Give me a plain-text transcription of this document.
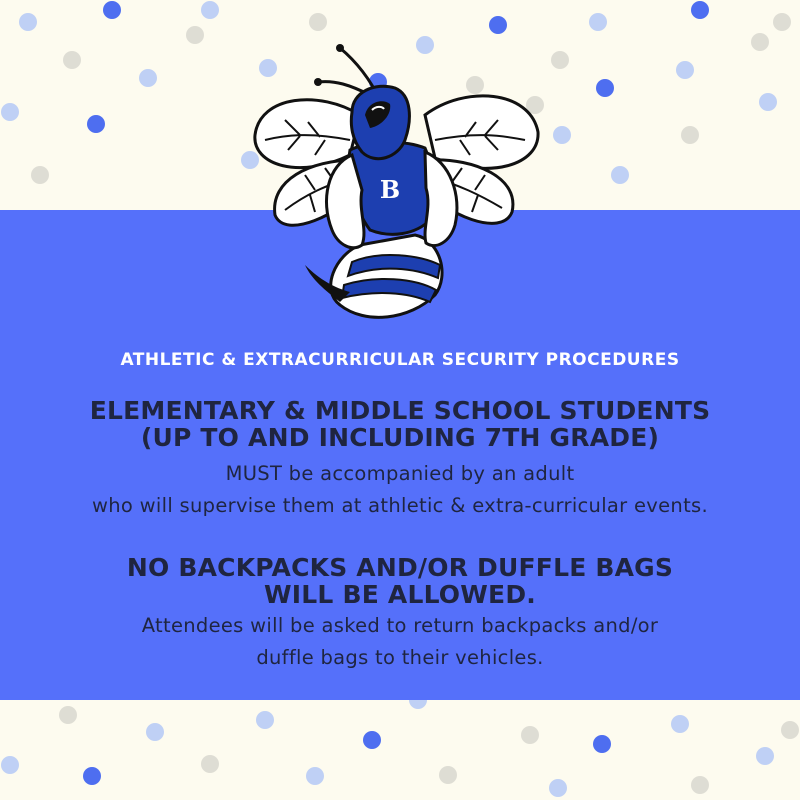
B
ATHLETIC & EXTRACURRICULAR SECURITY PROCEDURES
ELEMENTARY & MIDDLE SCHOOL STUDENTS
(UP TO AND INCLUDING 7TH GRADE)
MUST be accompanied by an adult
who will supervise them at athletic & extra-curricular events.
NO BACKPACKS AND/OR DUFFLE BAGS
WILL BE ALLOWED.
Attendees will be asked to return backpacks and/or
duffle bags to their vehicles.
